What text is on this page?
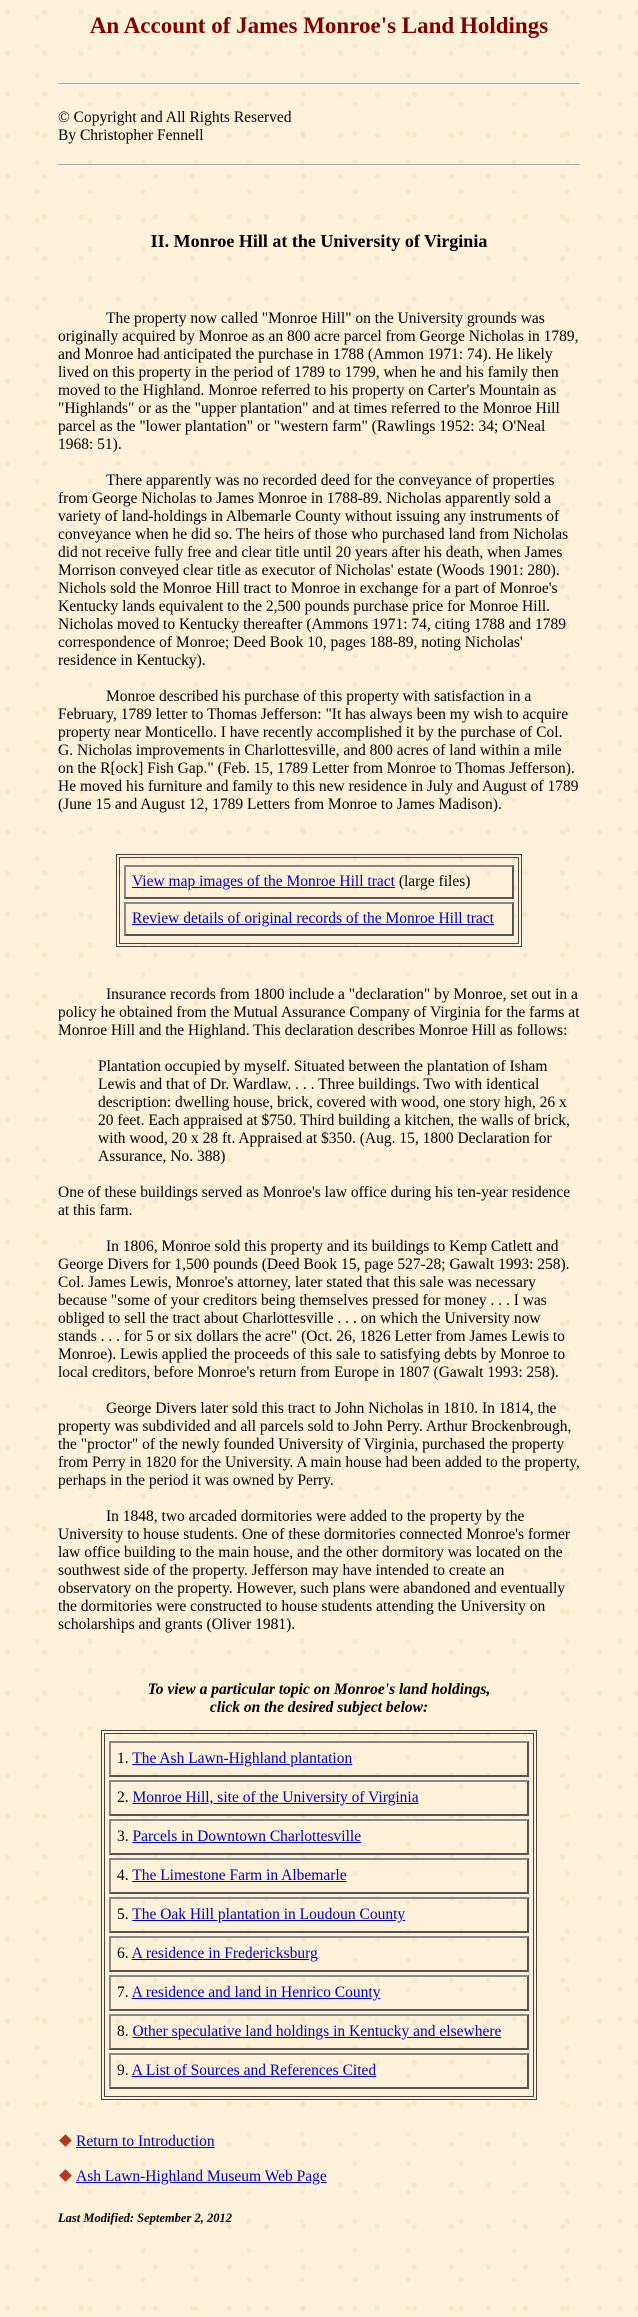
An Account of James Monroe's Land Holdings
© Copyright and All Rights Reserved
By Christopher Fennell
II. Monroe Hill at the University of Virginia

The property now called "Monroe Hill" on the University grounds was originally acquired by Monroe as an 800 acre parcel from George Nicholas in 1789, and Monroe had anticipated the purchase in 1788 (Ammon 1971: 74). He likely lived on this property in the period of 1789 to 1799, when he and his family then moved to the Highland. Monroe referred to his property on Carter's Mountain as "Highlands" or as the "upper plantation" and at times referred to the Monroe Hill parcel as the "lower plantation" or "western farm" (Rawlings 1952: 34; O'Neal 1968: 51).

There apparently was no recorded deed for the conveyance of properties from George Nicholas to James Monroe in 1788-89. Nicholas apparently sold a variety of land-holdings in Albemarle County without issuing any instruments of conveyance when he did so. The heirs of those who purchased land from Nicholas did not receive fully free and clear title until 20 years after his death, when James Morrison conveyed clear title as executor of Nicholas' estate (Woods 1901: 280). Nichols sold the Monroe Hill tract to Monroe in exchange for a part of Monroe's Kentucky lands equivalent to the 2,500 pounds purchase price for Monroe Hill. Nicholas moved to Kentucky thereafter (Ammons 1971: 74, citing 1788 and 1789 correspondence of Monroe; Deed Book 10, pages 188-89, noting Nicholas' residence in Kentucky).

Monroe described his purchase of this property with satisfaction in a February, 1789 letter to Thomas Jefferson: "It has always been my wish to acquire property near Monticello. I have recently accomplished it by the purchase of Col. G. Nicholas improvements in Charlottesville, and 800 acres of land within a mile on the R[ock] Fish Gap." (Feb. 15, 1789 Letter from Monroe to Thomas Jefferson). He moved his furniture and family to this new residence in July and August of 1789 (June 15 and August 12, 1789 Letters from Monroe to James Madison).

View map images of the Monroe Hill tract (large files)
Review details of original records of the Monroe Hill tract

Insurance records from 1800 include a "declaration" by Monroe, set out in a policy he obtained from the Mutual Assurance Company of Virginia for the farms at Monroe Hill and the Highland. This declaration describes Monroe Hill as follows:

Plantation occupied by myself. Situated between the plantation of Isham Lewis and that of Dr. Wardlaw. . . . Three buildings. Two with identical description: dwelling house, brick, covered with wood, one story high, 26 x 20 feet. Each appraised at $750. Third building a kitchen, the walls of brick, with wood, 20 x 28 ft. Appraised at $350. (Aug. 15, 1800 Declaration for Assurance, No. 388)

One of these buildings served as Monroe's law office during his ten-year residence at this farm.

In 1806, Monroe sold this property and its buildings to Kemp Catlett and George Divers for 1,500 pounds (Deed Book 15, page 527-28; Gawalt 1993: 258). Col. James Lewis, Monroe's attorney, later stated that this sale was necessary because "some of your creditors being themselves pressed for money . . . I was obliged to sell the tract about Charlottesville . . . on which the University now stands . . . for 5 or six dollars the acre" (Oct. 26, 1826 Letter from James Lewis to Monroe). Lewis applied the proceeds of this sale to satisfying debts by Monroe to local creditors, before Monroe's return from Europe in 1807 (Gawalt 1993: 258).

George Divers later sold this tract to John Nicholas in 1810. In 1814, the property was subdivided and all parcels sold to John Perry. Arthur Brockenbrough, the "proctor" of the newly founded University of Virginia, purchased the property from Perry in 1820 for the University. A main house had been added to the property, perhaps in the period it was owned by Perry.

In 1848, two arcaded dormitories were added to the property by the University to house students. One of these dormitories connected Monroe's former law office building to the main house, and the other dormitory was located on the southwest side of the property. Jefferson may have intended to create an observatory on the property. However, such plans were abandoned and eventually the dormitories were constructed to house students attending the University on scholarships and grants (Oliver 1981).

To view a particular topic on Monroe's land holdings,
click on the desired subject below:
1. The Ash Lawn-Highland plantation
2. Monroe Hill, site of the University of Virginia
3. Parcels in Downtown Charlottesville
4. The Limestone Farm in Albemarle
5. The Oak Hill plantation in Loudoun County
6. A residence in Fredericksburg
7. A residence and land in Henrico County
8. Other speculative land holdings in Kentucky and elsewhere
9. A List of Sources and References Cited
Return to Introduction
Ash Lawn-Highland Museum Web Page
Last Modified: September 2, 2012
